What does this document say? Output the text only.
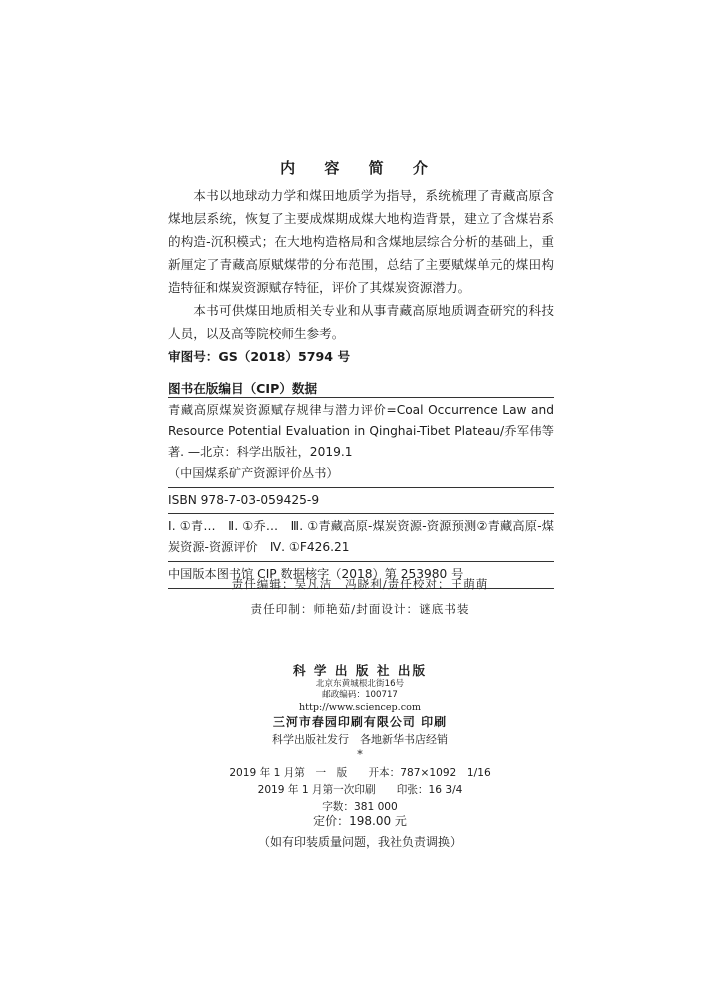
内 容 简 介

本书以地球动力学和煤田地质学为指导，系统梳理了青藏高原含煤地层系统，恢复了主要成煤期成煤大地构造背景，建立了含煤岩系的构造-沉积模式；在大地构造格局和含煤地层综合分析的基础上，重新厘定了青藏高原赋煤带的分布范围，总结了主要赋煤单元的煤田构造特征和煤炭资源赋存特征，评价了其煤炭资源潜力。

本书可供煤田地质相关专业和从事青藏高原地质调查研究的科技人员，以及高等院校师生参考。

审图号：GS（2018）5794 号
图书在版编目（CIP）数据
青藏高原煤炭资源赋存规律与潜力评价=Coal Occurrence Law and Resource Potential Evaluation in Qinghai-Tibet Plateau/乔军伟等著. —北京：科学出版社，2019.1
（中国煤系矿产资源评价丛书）
ISBN 978-7-03-059425-9
Ⅰ. ①青…　Ⅱ. ①乔…　Ⅲ. ①青藏高原-煤炭资源-资源预测②青藏高原-煤炭资源-资源评价　Ⅳ. ①F426.21
中国版本图书馆 CIP 数据核字（2018）第 253980 号
责任编辑：吴凡洁　冯晓利/责任校对：王萌萌
责任印制：师艳茹/封面设计：谜底书装
科 学 出 版 社 出版
北京东黄城根北街16号
邮政编码：100717
http://www.sciencep.com
三河市春园印刷有限公司 印刷
科学出版社发行　各地新华书店经销
*
2019 年 1 月第　一　版　　开本：787×1092　1/16
2019 年 1 月第一次印刷　　印张：16 3/4
字数：381 000
定价：198.00 元
（如有印装质量问题，我社负责调换）
